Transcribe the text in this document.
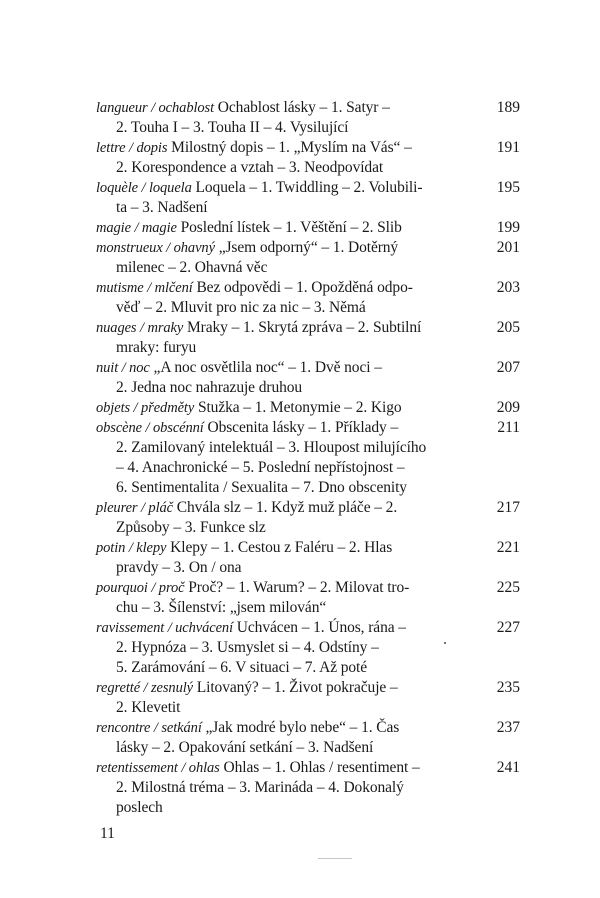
langueur / ochablost Ochablost lásky – 1. Satyr –
2. Touha I – 3. Touha II – 4. Vysilující
189
lettre / dopis Milostný dopis – 1. „Myslím na Vás“ –
2. Korespondence a vztah – 3. Neodpovídat
191
loquèle / loquela Loquela – 1. Twiddling – 2. Volubili-
ta – 3. Nadšení
195
magie / magie Poslední lístek – 1. Věštění – 2. Slib	199
monstrueux / ohavný „Jsem odporný“ – 1. Dotěrný
milenec – 2. Ohavná věc
201
mutisme / mlčení Bez odpovědi – 1. Opožděná odpo-
věď – 2. Mluvit pro nic za nic – 3. Němá
203
nuages / mraky Mraky – 1. Skrytá zpráva – 2. Subtilní
mraky: furyu
205
nuit / noc „A noc osvětlila noc“ – 1. Dvě noci –
2. Jedna noc nahrazuje druhou
207
objets / předměty Stužka – 1. Metonymie – 2. Kigo	209
obscène / obscénní Obscenita lásky – 1. Příklady –
2. Zamilovaný intelektuál – 3. Hloupost milujícího
– 4. Anachronické – 5. Poslední nepřístojnost –
6. Sentimentalita / Sexualita – 7. Dno obscenity
211
pleurer / pláč Chvála slz – 1. Když muž pláče – 2.
Způsoby – 3. Funkce slz
217
potin / klepy Klepy – 1. Cestou z Faléru – 2. Hlas
pravdy – 3. On / ona
221
pourquoi / proč Proč? – 1. Warum? – 2. Milovat tro-
chu – 3. Šílenství: „jsem milován“
225
ravissement / uchvácení Uchvácen – 1. Únos, rána –
2. Hypnóza – 3. Usmyslet si – 4. Odstíny –
5. Zarámování – 6. V situaci – 7. Až poté
227
regretté / zesnulý Litovaný? – 1. Život pokračuje –
2. Klevetit
235
rencontre / setkání „Jak modré bylo nebe“ – 1. Čas
lásky – 2. Opakování setkání – 3. Nadšení
237
retentissement / ohlas Ohlas – 1. Ohlas / resentiment –
2. Milostná tréma – 3. Marináda – 4. Dokonalý
poslech
241
11
